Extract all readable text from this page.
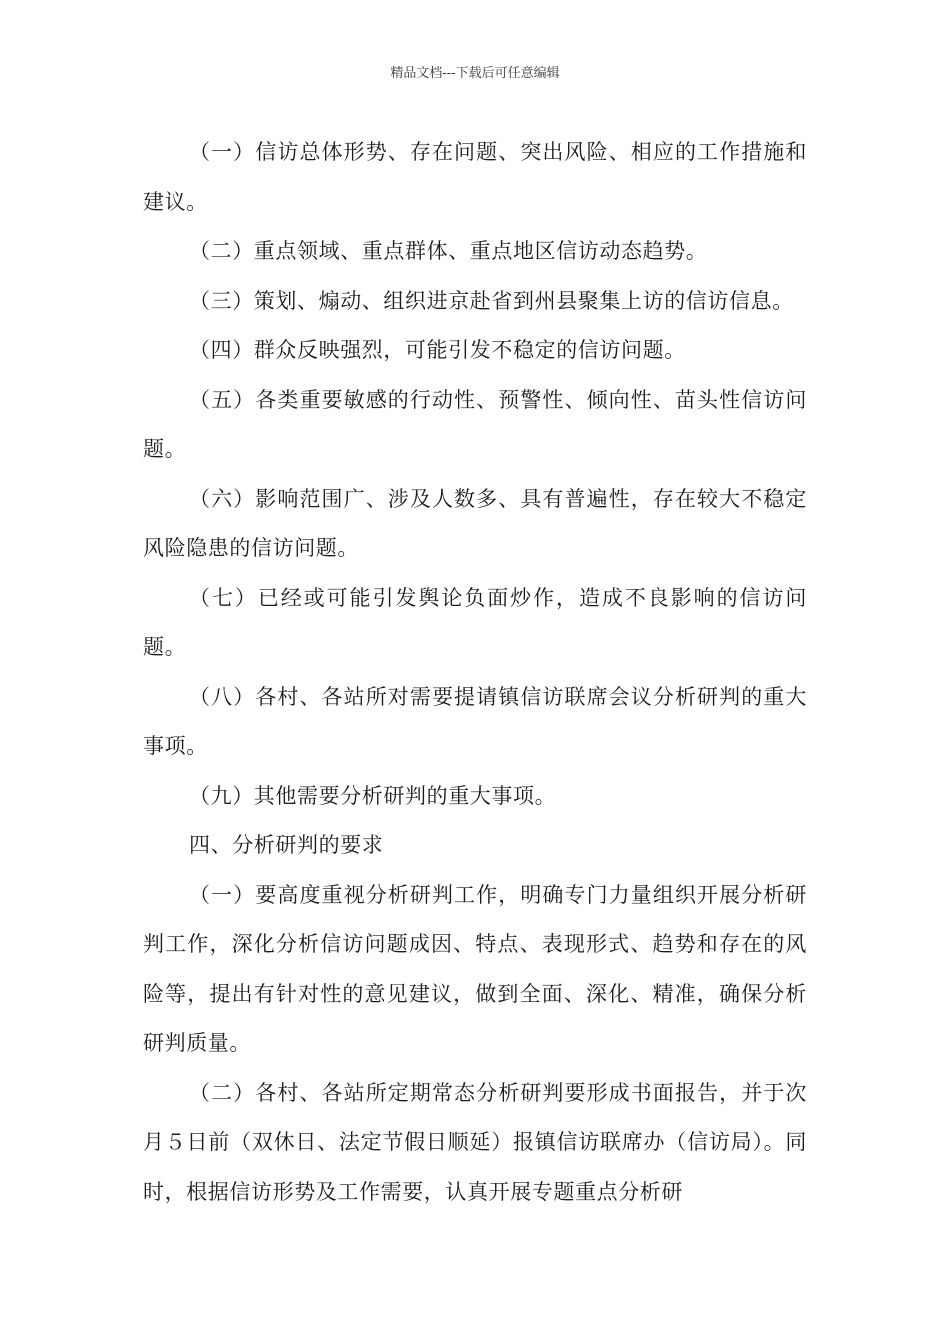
精品文档---下载后可任意编辑

（一）信访总体形势、存在问题、突出风险、相应的工作措施和建议。

（二）重点领域、重点群体、重点地区信访动态趋势。

（三）策划、煽动、组织进京赴省到州县聚集上访的信访信息。

（四）群众反映强烈，可能引发不稳定的信访问题。

（五）各类重要敏感的行动性、预警性、倾向性、苗头性信访问题。

（六）影响范围广、涉及人数多、具有普遍性，存在较大不稳定风险隐患的信访问题。

（七）已经或可能引发舆论负面炒作，造成不良影响的信访问题。

（八）各村、各站所对需要提请镇信访联席会议分析研判的重大事项。

（九）其他需要分析研判的重大事项。

四、分析研判的要求

（一）要高度重视分析研判工作，明确专门力量组织开展分析研判工作，深化分析信访问题成因、特点、表现形式、趋势和存在的风险等，提出有针对性的意见建议，做到全面、深化、精准，确保分析研判质量。

（二）各村、各站所定期常态分析研判要形成书面报告，并于次月５日前（双休日、法定节假日顺延）报镇信访联席办（信访局）。同时，根据信访形势及工作需要，认真开展专题重点分析研
